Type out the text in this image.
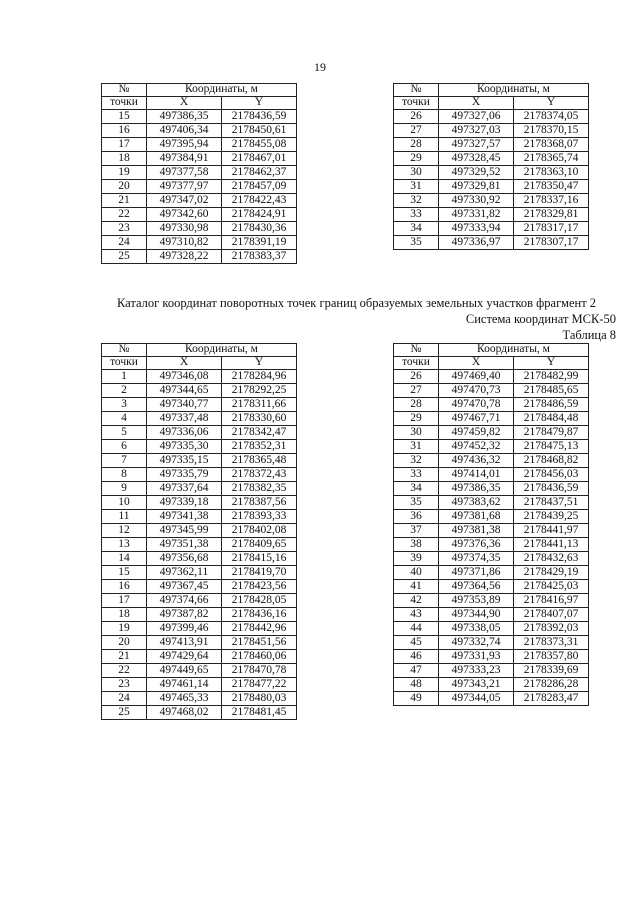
19
№	Координаты, м	
точки	X	Y
15	497386,35	2178436,59
16	497406,34	2178450,61
17	497395,94	2178455,08
18	497384,91	2178467,01
19	497377,58	2178462,37
20	497377,97	2178457,09
21	497347,02	2178422,43
22	497342,60	2178424,91
23	497330,98	2178430,36
24	497310,82	2178391,19
25	497328,22	2178383,37
№	Координаты, м	
точки	X	Y
26	497327,06	2178374,05
27	497327,03	2178370,15
28	497327,57	2178368,07
29	497328,45	2178365,74
30	497329,52	2178363,10
31	497329,81	2178350,47
32	497330,92	2178337,16
33	497331,82	2178329,81
34	497333,94	2178317,17
35	497336,97	2178307,17
Каталог координат поворотных точек границ образуемых земельных участков фрагмент 2
Система координат МСК-50
Таблица 8
№	Координаты, м	
точки	X	Y
1	497346,08	2178284,96
2	497344,65	2178292,25
3	497340,77	2178311,66
4	497337,48	2178330,60
5	497336,06	2178342,47
6	497335,30	2178352,31
7	497335,15	2178365,48
8	497335,79	2178372,43
9	497337,64	2178382,35
10	497339,18	2178387,56
11	497341,38	2178393,33
12	497345,99	2178402,08
13	497351,38	2178409,65
14	497356,68	2178415,16
15	497362,11	2178419,70
16	497367,45	2178423,56
17	497374,66	2178428,05
18	497387,82	2178436,16
19	497399,46	2178442,96
20	497413,91	2178451,56
21	497429,64	2178460,06
22	497449,65	2178470,78
23	497461,14	2178477,22
24	497465,33	2178480,03
25	497468,02	2178481,45
№	Координаты, м	
точки	X	Y
26	497469,40	2178482,99
27	497470,73	2178485,65
28	497470,78	2178486,59
29	497467,71	2178484,48
30	497459,82	2178479,87
31	497452,32	2178475,13
32	497436,32	2178468,82
33	497414,01	2178456,03
34	497386,35	2178436,59
35	497383,62	2178437,51
36	497381,68	2178439,25
37	497381,38	2178441,97
38	497376,36	2178441,13
39	497374,35	2178432,63
40	497371,86	2178429,19
41	497364,56	2178425,03
42	497353,89	2178416,97
43	497344,90	2178407,07
44	497338,05	2178392,03
45	497332,74	2178373,31
46	497331,93	2178357,80
47	497333,23	2178339,69
48	497343,21	2178286,28
49	497344,05	2178283,47
